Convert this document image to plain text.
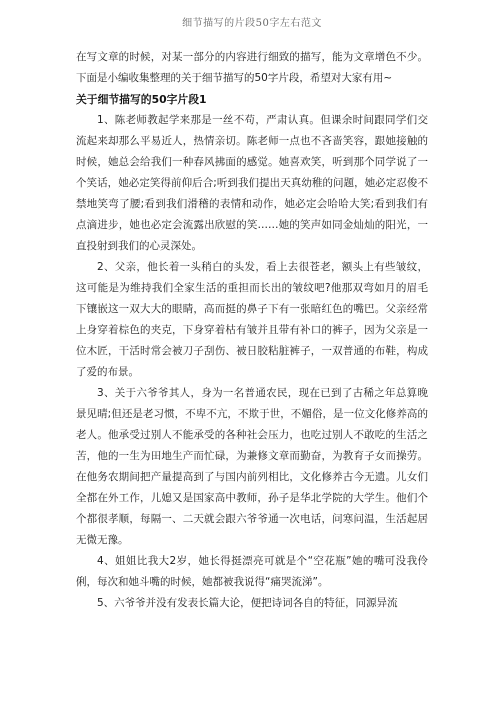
细节描写的片段50字左右范文

在写文章的时候，对某一部分的内容进行细致的描写，能为文章增色不少。下面是小编收集整理的关于细节描写的50字片段，希望对大家有用~

关于细节描写的50字片段1

1、陈老师教起学来那是一丝不苟，严肃认真。但课余时间跟同学们交流起来却那么平易近人，热情亲切。陈老师一点也不吝啬笑容，跟她接触的时候，她总会给我们一种春风拂面的感觉。她喜欢笑，听到那个同学说了一个笑话，她必定笑得前仰后合;听到我们提出天真幼稚的问题，她必定忍俊不禁地笑弯了腰;看到我们滑稽的表情和动作，她必定会哈哈大笑;看到我们有点滴进步，她也必定会流露出欣慰的笑……她的笑声如同金灿灿的阳光，一直投射到我们的心灵深处。

2、父亲，他长着一头稍白的头发，看上去很苍老，额头上有些皱纹，这可能是为维持我们全家生活的重担而长出的皱纹吧?他那双弯如月的眉毛下镶嵌这一双大大的眼睛，高而挺的鼻子下有一张暗红色的嘴巴。父亲经常上身穿着棕色的夹克，下身穿着枯有皱并且带有补口的裤子，因为父亲是一位木匠，干活时常会被刀子刮伤、被日胶粘脏裤子，一双普通的布鞋，构成了爱的布景。

3、关于六爷爷其人，身为一名普通农民，现在已到了古稀之年总算晚景见晴;但还是老习惯，不卑不亢，不欺于世，不媚俗，是一位文化修养高的老人。他承受过别人不能承受的各种社会压力，也吃过别人不敢吃的生活之苦，他的一生为田地生产而忙碌，为兼修文章而勤奋，为教育子女而操劳。在他务农期间把产量提高到了与国内前列相比，文化修养古今无遗。儿女们全都在外工作，儿媳又是国家高中教师，孙子是华北学院的大学生。他们个个都很孝顺，每隔一、二天就会跟六爷爷通一次电话，问寒问温，生活起居无微无豫。

4、姐姐比我大2岁，她长得挺漂亮可就是个“空花瓶”她的嘴可没我伶俐，每次和她斗嘴的时候，她都被我说得“痛哭流涕”。

5、六爷爷并没有发表长篇大论，便把诗词各自的特征，同源异流
